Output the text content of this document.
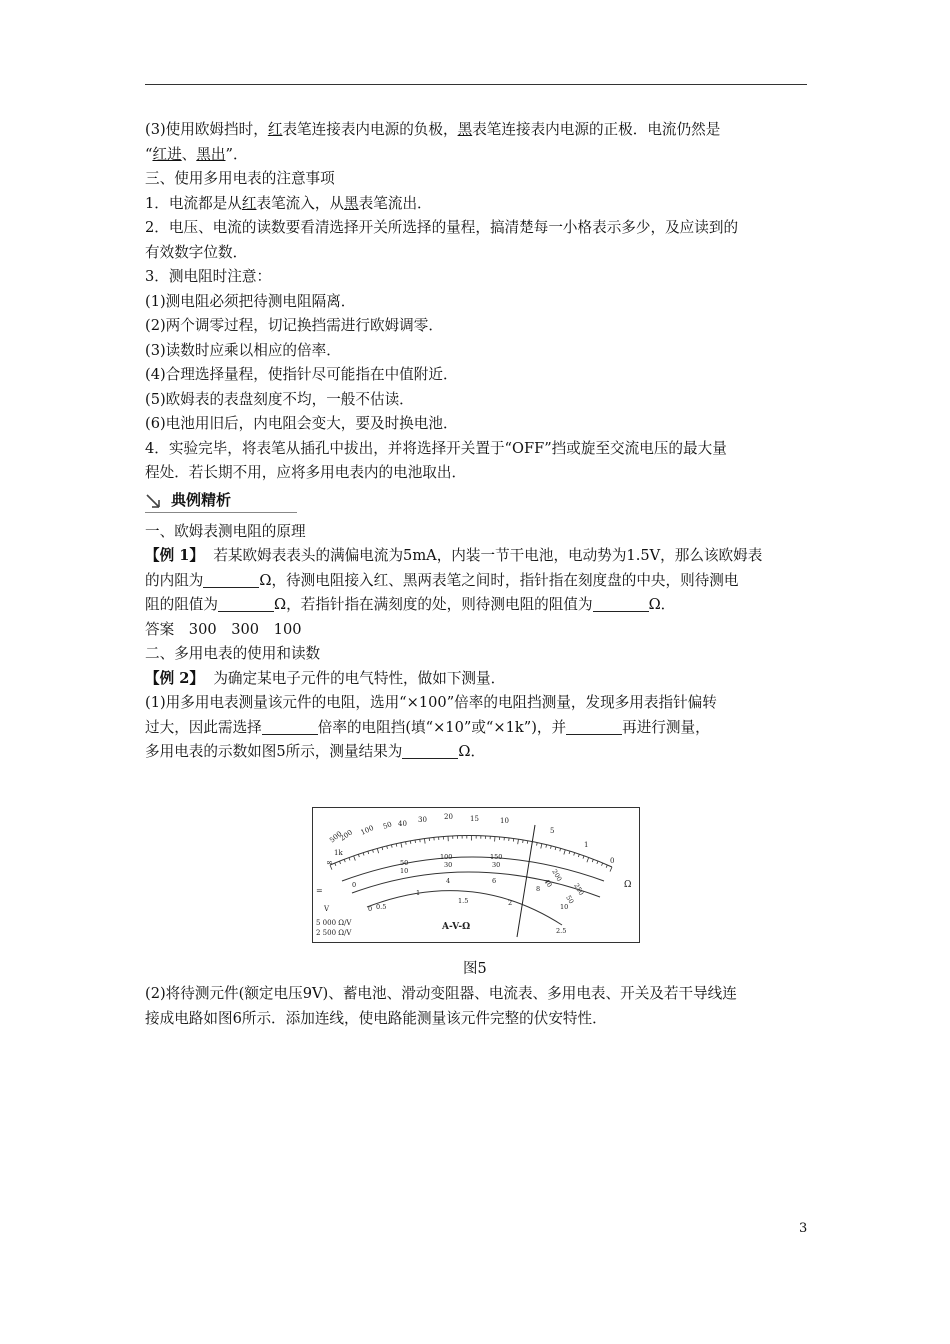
(3)使用欧姆挡时，红表笔连接表内电源的负极，黑表笔连接表内电源的正极．电流仍然是
“红进、黑出”．
三、使用多用电表的注意事项
1．电流都是从红表笔流入，从黑表笔流出．
2．电压、电流的读数要看清选择开关所选择的量程，搞清楚每一小格表示多少，及应读到的
有效数字位数．
3．测电阻时注意：
(1)测电阻必须把待测电阻隔离．
(2)两个调零过程，切记换挡需进行欧姆调零．
(3)读数时应乘以相应的倍率．
(4)合理选择量程，使指针尽可能指在中值附近．
(5)欧姆表的表盘刻度不均，一般不估读．
(6)电池用旧后，内电阻会变大，要及时换电池．
4．实验完毕，将表笔从插孔中拔出，并将选择开关置于“OFF”挡或旋至交流电压的最大量
程处．若长期不用，应将多用电表内的电池取出．
典例精析
一、欧姆表测电阻的原理
【例 1】 若某欧姆表表头的满偏电流为5mA，内装一节干电池，电动势为1.5V，那么该欧姆表
的内阻为	Ω，待测电阻接入红、黑两表笔之间时，指针指在刻度盘的中央，则待测电
阻的阻值为	Ω，若指针指在满刻度的处，则待测电阻的阻值为	Ω．
答案　300　300　100
二、多用电表的使用和读数
【例 2】 为确定某电子元件的电气特性，做如下测量．
(1)用多用电表测量该元件的电阻，选用“×100”倍率的电阻挡测量，发现多用表指针偏转
过大，因此需选择	倍率的电阻挡(填“×10”或“×1k”)，并	再进行测量，
多用电表的示数如图5所示，测量结果为	Ω．
∞
1k
500
200 100 50 40 30 20 15	10
5
1
0
Ω
0
50
100	150
200
250
10
30	30
40
50
4	6
8
10
0 0.5
1
1.5	2
2.5
=
V
5 000 Ω/V
2 500 Ω/V
A-V-Ω
图5
(2)将待测元件(额定电压9V)、蓄电池、滑动变阻器、电流表、多用电表、开关及若干导线连
接成电路如图6所示．添加连线，使电路能测量该元件完整的伏安特性．
3
